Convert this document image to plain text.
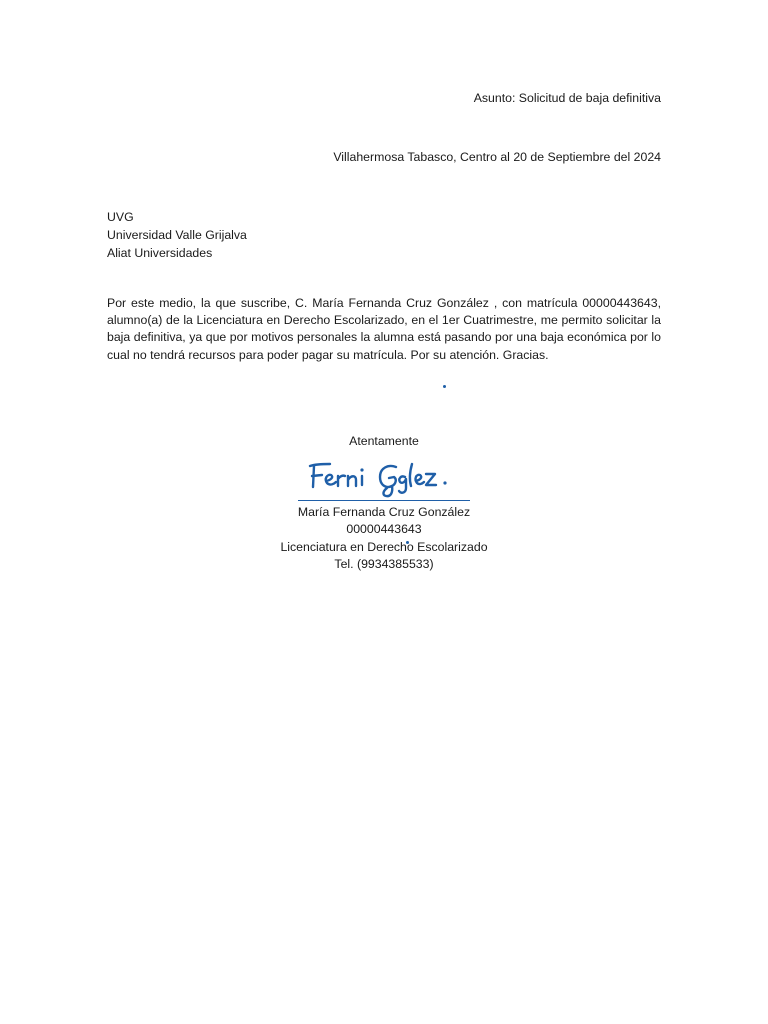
Asunto: Solicitud de baja definitiva
Villahermosa Tabasco, Centro al 20 de Septiembre del 2024
UVG
Universidad Valle Grijalva
Aliat Universidades
Por este medio, la que suscribe, C. María Fernanda Cruz González , con matrícula 00000443643, alumno(a) de la Licenciatura en Derecho Escolarizado, en el 1er Cuatrimestre, me permito solicitar la baja definitiva, ya que por motivos personales la alumna está pasando por una baja económica por lo cual no tendrá recursos para poder pagar su matrícula. Por su atención. Gracias.
Atentamente
María Fernanda Cruz González
00000443643
Licenciatura en Derecho Escolarizado
Tel. (9934385533)
